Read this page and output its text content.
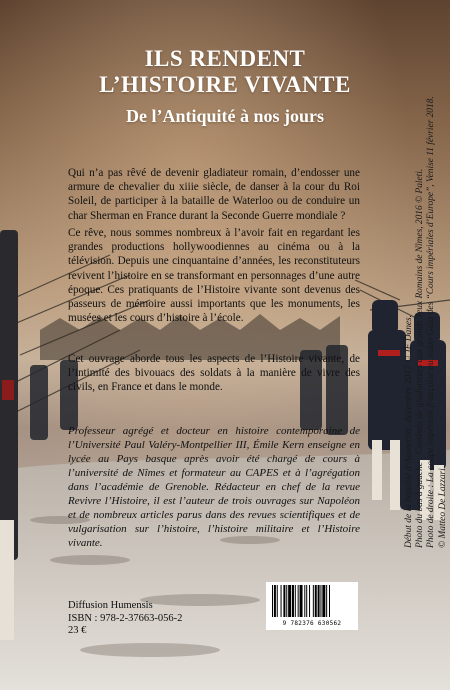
ILS RENDENT
L’HISTOIRE VIVANTE
De l’Antiquité à nos jours

Qui n’a pas rêvé de devenir gladiateur romain, d’endosser une armure de chevalier du xiiie siècle, de danser à la cour du Roi Soleil, de participer à la bataille de Waterloo ou de conduire un char Sherman en France durant la Seconde Guerre mondiale ?

Ce rêve, nous sommes nombreux à l’avoir fait en regardant les grandes productions hollywoodiennes au cinéma ou à la télévision. Depuis une cinquantaine d’années, les reconstituteurs revivent l’histoire en se transformant en personnages d’une autre époque. Ces pratiquants de l’Histoire vivante sont devenus des passeurs de mémoire aussi importants que les monuments, les musées et les cours d’histoire à l’école.

Cet ouvrage aborde tous les aspects de l’Histoire vivante, de l’intimité des bivouacs des soldats à la manière de vivre des civils, en France et dans le monde.

Professeur agrégé et docteur en histoire contemporaine de l’Université Paul Valéry-Montpellier III, Émile Kern enseigne en lycée au Pays basque après avoir été chargé de cours à l’université de Nîmes et formateur au CAPES et à l’agrégation dans l’académie de Grenoble. Rédacteur en chef de la revue Revivre l’Histoire, il est l’auteur de trois ouvrages sur Napoléon et de nombreux articles parus dans des revues scientifiques et de vulgarisation sur l’histoire, l’histoire militaire et l’Histoire vivante.	Début de la bataille d’Austerlitz, décembre 2017 © JF Danes. Photo du bas à gauche : Combats de gladiateurs aux grands Jeux Romains de Nîmes, 2016 © Paleti. Photo de droite : La coupe impériale française au salon Gala des “Cours impériales d’Europe”, Venise 11 février 2018. © Matteo De Lazzari.

Diffusion Humensis
ISBN : 978-2-37663-056-2
23 €
9 782376 630562
